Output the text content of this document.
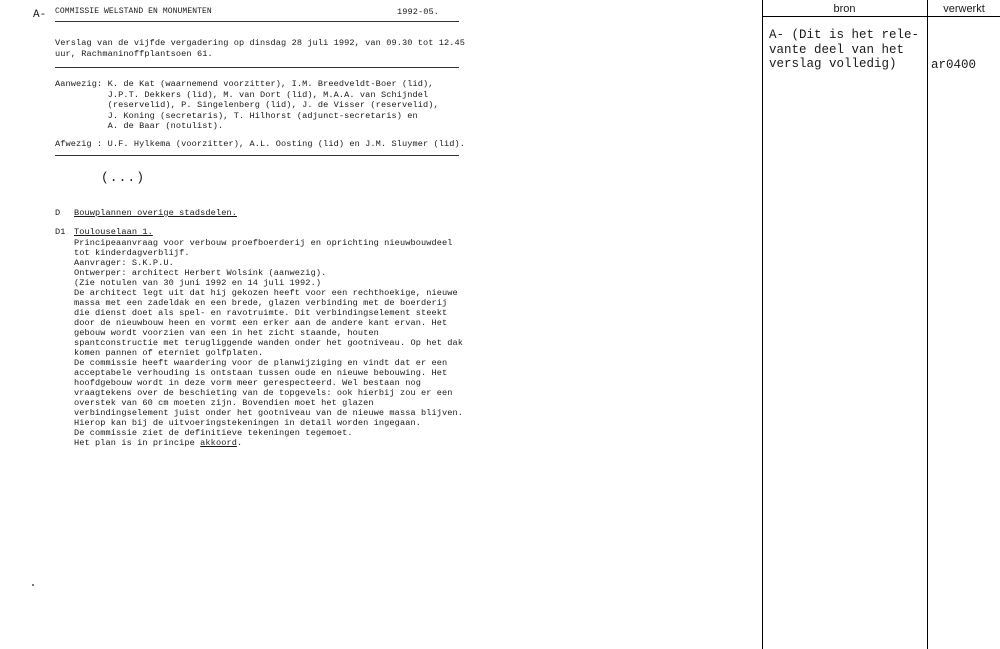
A- COMMISSIE WELSTAND EN MONUMENTEN	1992-05.
Verslag van de vijfde vergadering op dinsdag 28 juli 1992, van 09.30 tot 12.45
uur, Rachmaninoffplantsoen 61.
Aanwezig: K. de Kat (waarnemend voorzitter), I.M. Breedveldt-Boer (lid),
J.P.T. Dekkers (lid), M. van Dort (lid), M.A.A. van Schijndel
(reservelid), P. Singelenberg (lid), J. de Visser (reservelid),
J. Koning (secretaris), T. Hilhorst (adjunct-secretaris) en
A. de Baar (notulist).
Afwezig : U.F. Hylkema (voorzitter), A.L. Oosting (lid) en J.M. Sluymer (lid).
(...)
D Bouwplannen overige stadsdelen.
D1 Toulouselaan 1.
Principeaanvraag voor verbouw proefboerderij en oprichting nieuwbouwdeel
tot kinderdagverblijf.
Aanvrager: S.K.P.U.
Ontwerper: architect Herbert Wolsink (aanwezig).
(Zie notulen van 30 juni 1992 en 14 juli 1992.)
De architect legt uit dat hij gekozen heeft voor een rechthoekige, nieuwe
massa met een zadeldak en een brede, glazen verbinding met de boerderij
die dienst doet als spel- en ravotruimte. Dit verbindingselement steekt
door de nieuwbouw heen en vormt een erker aan de andere kant ervan. Het
gebouw wordt voorzien van een in het zicht staande, houten
spantconstructie met terugliggende wanden onder het gootniveau. Op het dak
komen pannen of eterniet golfplaten.
De commissie heeft waardering voor de planwijziging en vindt dat er een
acceptabele verhouding is ontstaan tussen oude en nieuwe bebouwing. Het
hoofdgebouw wordt in deze vorm meer gerespecteerd. Wel bestaan nog
vraagtekens over de beschieting van de topgevels: ook hierbij zou er een
overstek van 60 cm moeten zijn. Bovendien moet het glazen
verbindingselement juist onder het gootniveau van de nieuwe massa blijven.
Hierop kan bij de uitvoeringstekeningen in detail worden ingegaan.
De commissie ziet de definitieve tekeningen tegemoet.
Het plan is in principe akkoord.
bron	verwerkt
A- (Dit is het rele-
vante deel van het
verslag volledig)	ar0400
